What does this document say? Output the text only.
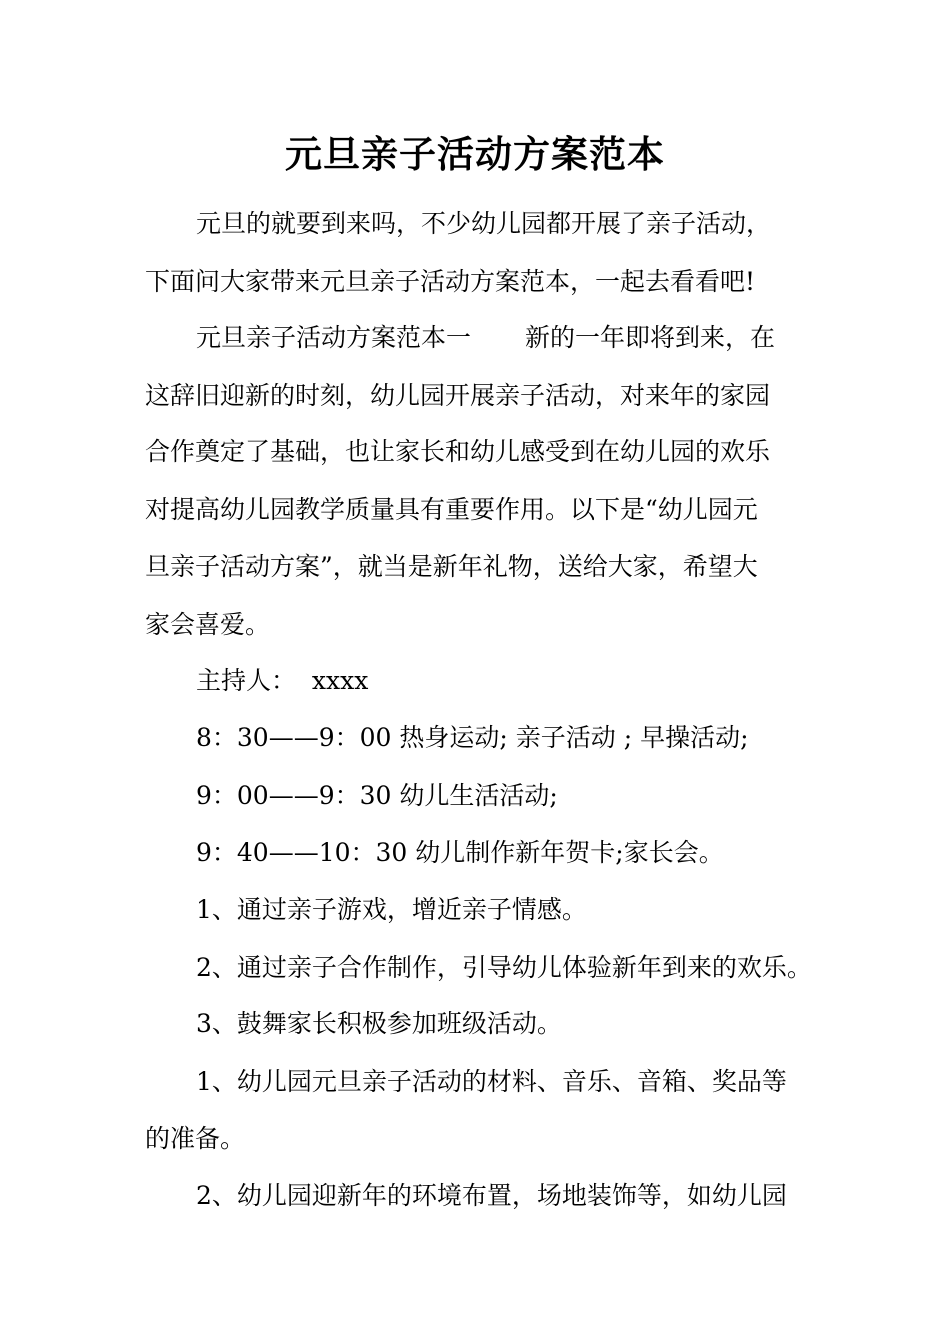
元旦亲子活动方案范本
元旦的就要到来吗，不少幼儿园都开展了亲子活动，
下面问大家带来元旦亲子活动方案范本，一起去看看吧!
元旦亲子活动方案范本一 新的一年即将到来，在
这辞旧迎新的时刻，幼儿园开展亲子活动，对来年的家园
合作奠定了基础，也让家长和幼儿感受到在幼儿园的欢乐
对提高幼儿园教学质量具有重要作用。以下是“幼儿园元
旦亲子活动方案”，就当是新年礼物，送给大家，希望大
家会喜爱。
主持人：  xxxx
8：30——9：00 热身运动; 亲子活动 ; 早操活动;
9：00——9：30 幼儿生活活动;
9：40——10：30 幼儿制作新年贺卡;家长会。
1、通过亲子游戏，增近亲子情感。
2、通过亲子合作制作，引导幼儿体验新年到来的欢乐。
3、鼓舞家长积极参加班级活动。
1、幼儿园元旦亲子活动的材料、音乐、音箱、奖品等
的准备。
2、幼儿园迎新年的环境布置，场地装饰等，如幼儿园
